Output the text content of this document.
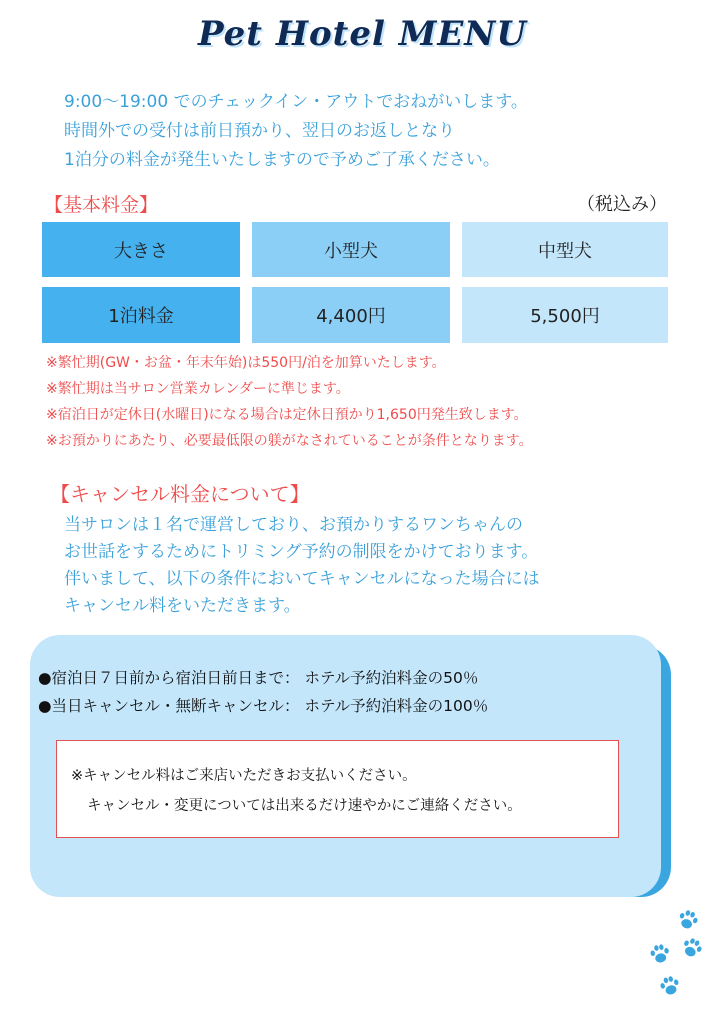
Pet Hotel MENU
9:00〜19:00 でのチェックイン・アウトでおねがいします。
時間外での受付は前日預かり、翌日のお返しとなり
1泊分の料金が発生いたしますので予めご了承ください。
【基本料金】	（税込み）
大きさ	小型犬	中型犬
1泊料金	4,400円	5,500円
※繁忙期(GW・お盆・年末年始)は550円/泊を加算いたします。
※繁忙期は当サロン営業カレンダーに準じます。
※宿泊日が定休日(水曜日)になる場合は定休日預かり1,650円発生致します。
※お預かりにあたり、必要最低限の躾がなされていることが条件となります。
【キャンセル料金について】
当サロンは１名で運営しており、お預かりするワンちゃんの
お世話をするためにトリミング予約の制限をかけております。
伴いまして、以下の条件においてキャンセルになった場合には
キャンセル料をいただきます。
●宿泊日７日前から宿泊日前日まで： ホテル予約泊料金の50％
●当日キャンセル・無断キャンセル： ホテル予約泊料金の100％
※キャンセル料はご来店いただきお支払いください。
キャンセル・変更については出来るだけ速やかにご連絡ください。
